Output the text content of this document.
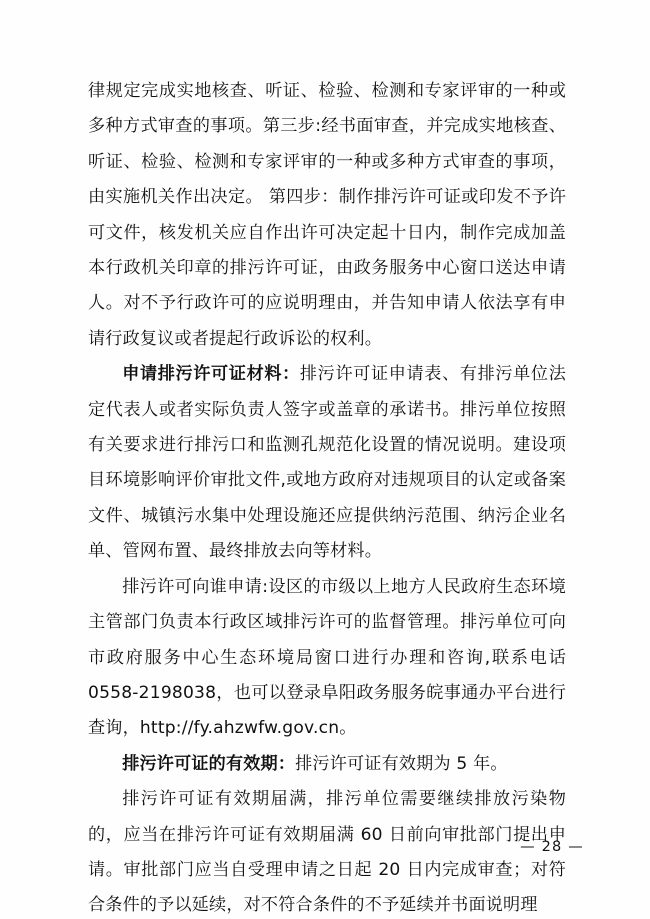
律规定完成实地核查、听证、检验、检测和专家评审的一种或多种方式审查的事项。第三步:经书面审查，并完成实地核查、听证、检验、检测和专家评审的一种或多种方式审查的事项，由实施机关作出决定。 第四步：制作排污许可证或印发不予许可文件，核发机关应自作出许可决定起十日内，制作完成加盖本行政机关印章的排污许可证，由政务服务中心窗口送达申请人。对不予行政许可的应说明理由，并告知申请人依法享有申请行政复议或者提起行政诉讼的权利。

申请排污许可证材料：排污许可证申请表、有排污单位法定代表人或者实际负责人签字或盖章的承诺书。排污单位按照有关要求进行排污口和监测孔规范化设置的情况说明。建设项目环境影响评价审批文件,或地方政府对违规项目的认定或备案文件、城镇污水集中处理设施还应提供纳污范围、纳污企业名单、管网布置、最终排放去向等材料。

排污许可向谁申请:设区的市级以上地方人民政府生态环境主管部门负责本行政区域排污许可的监督管理。排污单位可向市政府服务中心生态环境局窗口进行办理和咨询,联系电话0558-2198038，也可以登录阜阳政务服务皖事通办平台进行查询，http://fy.ahzwfw.gov.cn。

排污许可证的有效期：排污许可证有效期为 5 年。

排污许可证有效期届满，排污单位需要继续排放污染物的，应当在排污许可证有效期届满 60 日前向审批部门提出申请。审批部门应当自受理申请之日起 20 日内完成审查；对符合条件的予以延续，对不符合条件的不予延续并书面说明理

— 28 —
